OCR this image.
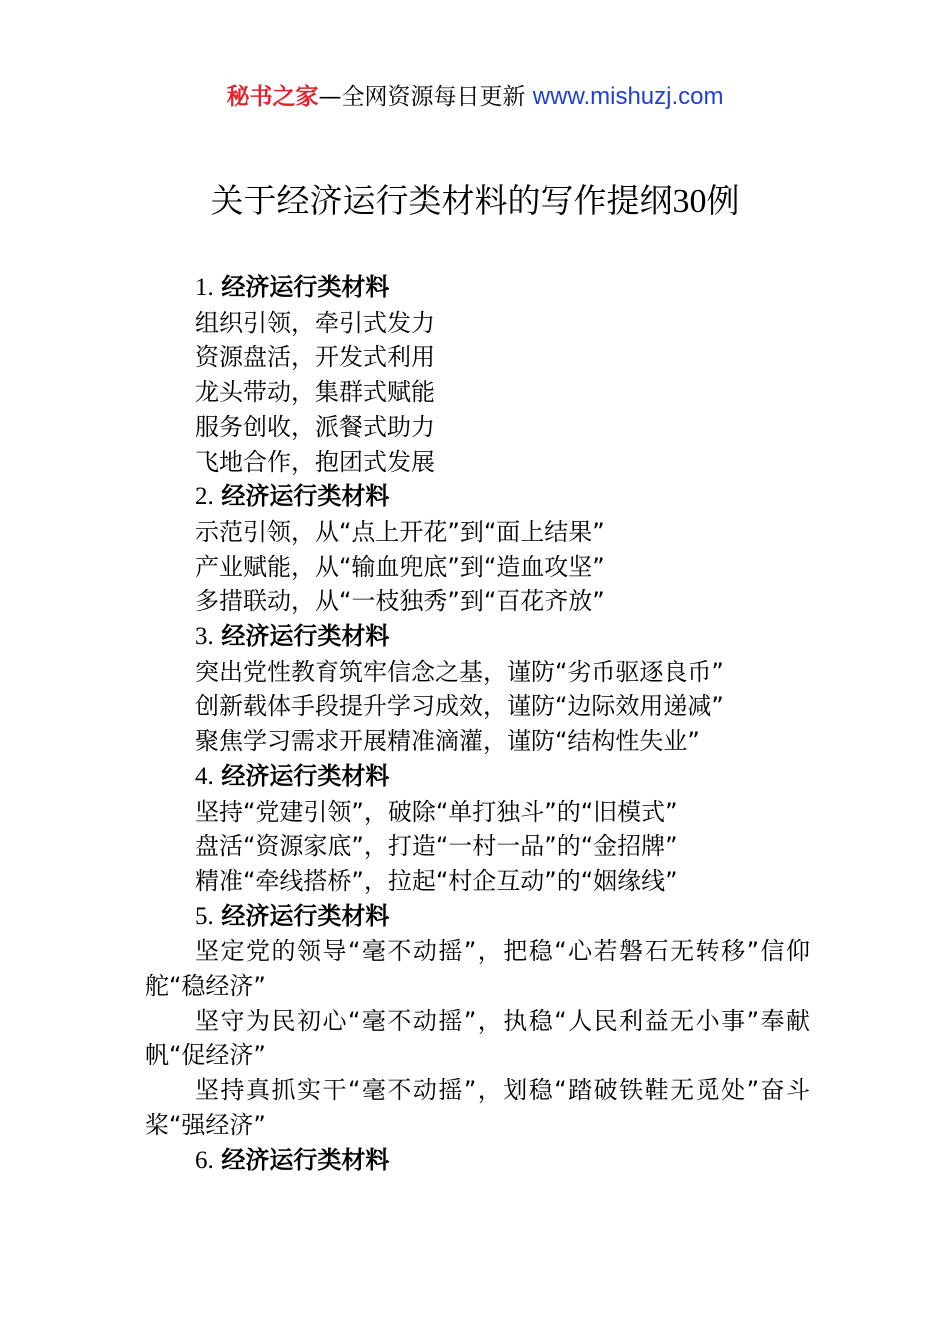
秘书之家—全网资源每日更新 www.mishuzj.com
关于经济运行类材料的写作提纲30例
1. 经济运行类材料
组织引领，牵引式发力
资源盘活，开发式利用
龙头带动，集群式赋能
服务创收，派餐式助力
飞地合作，抱团式发展
2. 经济运行类材料
示范引领，从“点上开花”到“面上结果”
产业赋能，从“输血兜底”到“造血攻坚”
多措联动，从“一枝独秀”到“百花齐放”
3. 经济运行类材料
突出党性教育筑牢信念之基，谨防“劣币驱逐良币”
创新载体手段提升学习成效，谨防“边际效用递减”
聚焦学习需求开展精准滴灌，谨防“结构性失业”
4. 经济运行类材料
坚持“党建引领”，破除“单打独斗”的“旧模式”
盘活“资源家底”，打造“一村一品”的“金招牌”
精准“牵线搭桥”，拉起“村企互动”的“姻缘线”
5. 经济运行类材料
坚定党的领导“毫不动摇”，把稳“心若磐石无转移”信仰舵“稳经济”
坚守为民初心“毫不动摇”，执稳“人民利益无小事”奉献帆“促经济”
坚持真抓实干“毫不动摇”，划稳“踏破铁鞋无觅处”奋斗桨“强经济”
6. 经济运行类材料
